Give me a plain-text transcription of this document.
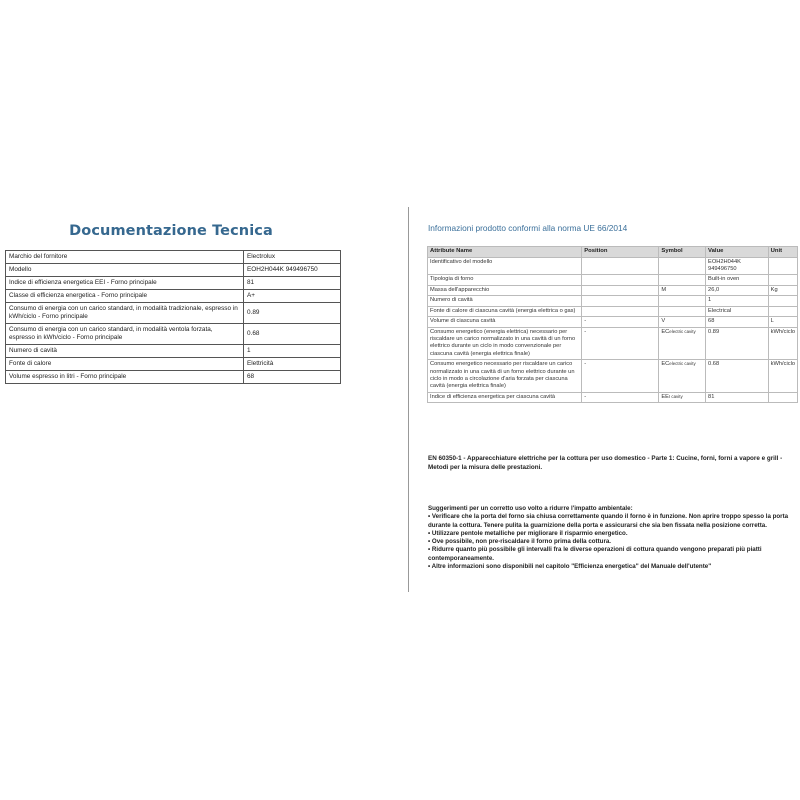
Documentazione Tecnica
Marchio del fornitore	Electrolux
Modello	EOH2H044K 949496750
Indice di efficienza energetica EEI - Forno principale	81
Classe di efficienza energetica - Forno principale	A+
Consumo di energia con un carico standard, in modalità tradizionale, espresso in kWh/ciclo - Forno principale	0.89
Consumo di energia con un carico standard, in modalità ventola forzata, espresso in kWh/ciclo - Forno principale	0.68
Numero di cavità	1
Fonte di calore	Elettricità
Volume espresso in litri - Forno principale	68
Informazioni prodotto conformi alla norma UE 66/2014
Attribute Name	Position	Symbol	Value	Unit
Identificativo del modello			EOH2H044K 949496750	
Tipologia di forno			Built-in oven	
Massa dell'apparecchio		M	26,0	Kg
Numero di cavità			1	
Fonte di calore di ciascuna cavità (energia elettrica o gas)			Electrical	
Volume di ciascuna cavità	-	V	68	L
Consumo energetico (energia elettrica) necessario per riscaldare un carico normalizzato in una cavità di un forno elettrico durante un ciclo in modo convenzionale per ciascuna cavità (energia elettrica finale)	-	ECelectric cavity	0.89	kWh/ciclo
Consumo energetico necessario per riscaldare un carico normalizzato in una cavità di un forno elettrico durante un ciclo in modo a circolazione d'aria forzata per ciascuna cavità (energia elettrica finale)	-	ECelectric cavity	0.68	kWh/ciclo
Indice di efficienza energetica per ciascuna cavità	-	EEI cavity	81	
EN 60350-1 - Apparecchiature elettriche per la cottura per uso domestico - Parte 1: Cucine, forni, forni a vapore e grill - Metodi per la misura delle prestazioni.
Suggerimenti per un corretto uso volto a ridurre l'impatto ambientale:
• Verificare che la porta del forno sia chiusa correttamente quando il forno è in funzione. Non aprire troppo spesso la porta durante la cottura. Tenere pulita la guarnizione della porta e assicurarsi che sia ben fissata nella posizione corretta.
• Utilizzare pentole metalliche per migliorare il risparmio energetico.
• Ove possibile, non pre-riscaldare il forno prima della cottura.
• Ridurre quanto più possibile gli intervalli fra le diverse operazioni di cottura quando vengono preparati più piatti contemporaneamente.
• Altre informazioni sono disponibili nel capitolo "Efficienza energetica" del Manuale dell'utente"
